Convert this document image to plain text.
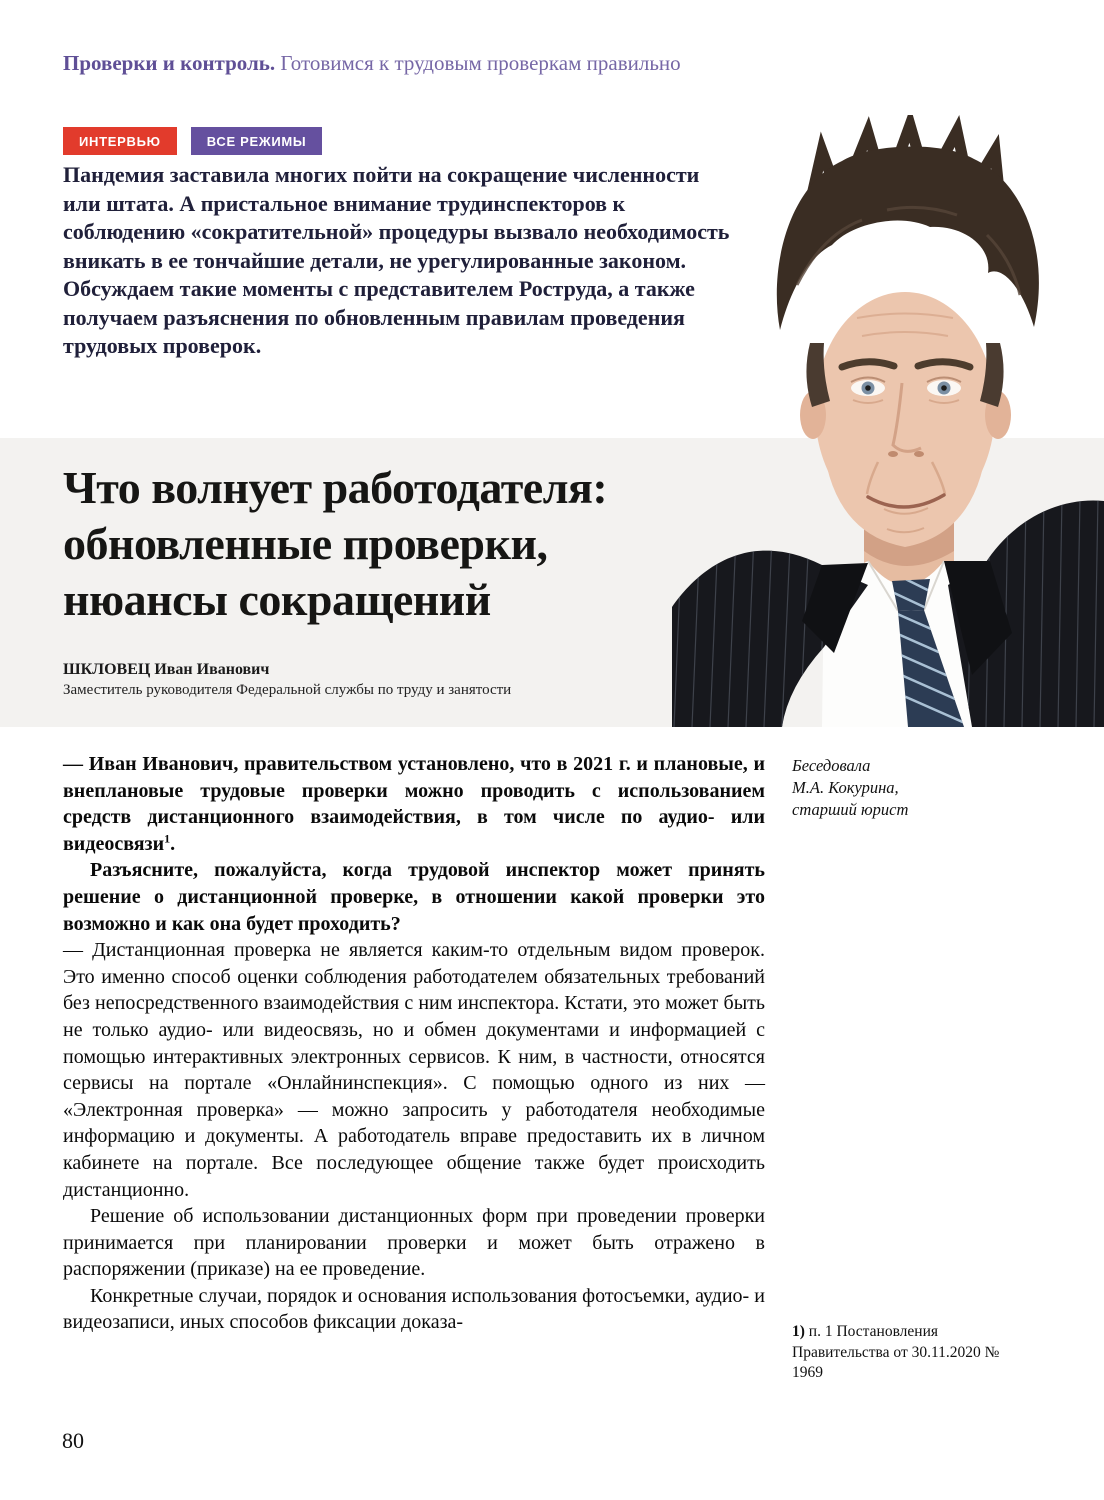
Проверки и контроль. Готовимся к трудовым проверкам правильно
ИНТЕРВЬЮ	ВСЕ РЕЖИМЫ
Пандемия заставила многих пойти на сокращение численности или штата. А пристальное внимание трудинспекторов к соблюдению «сократительной» процедуры вызвало необходимость вникать в ее тончайшие детали, не урегулированные законом. Обсуждаем такие моменты с представителем Роструда, а также получаем разъяснения по обновленным правилам проведения трудовых проверок.
Что волнует работодателя:
обновленные проверки,
нюансы сокращений
ШКЛОВЕЦ Иван Иванович
Заместитель руководителя Федеральной службы по труду и занятости

— Иван Иванович, правительством установлено, что в 2021 г. и плановые, и внеплановые трудовые проверки можно проводить с использованием средств дистанционного взаимодействия, в том числе по аудио- или видеосвязи$^1$.

Разъясните, пожалуйста, когда трудовой инспектор может принять решение о дистанционной проверке, в отношении какой проверки это возможно и как она будет проходить?

— Дистанционная проверка не является каким-то отдельным видом проверок. Это именно способ оценки соблюдения работодателем обязательных требований без непосредственного взаимодействия с ним инспектора. Кстати, это может быть не только аудио- или видеосвязь, но и обмен документами и информацией с помощью интерактивных электронных сервисов. К ним, в частности, относятся сервисы на портале «Онлайнинспекция». С помощью одного из них — «Электронная проверка» — можно запросить у работодателя необходимые информацию и документы. А работодатель вправе предоставить их в личном кабинете на портале. Все последующее общение также будет происходить дистанционно.

Решение об использовании дистанционных форм при проведении проверки принимается при планировании проверки и может быть отражено в распоряжении (приказе) на ее проведение.

Конкретные случаи, порядок и основания использования фотосъемки, аудио- и видеозаписи, иных способов фиксации доказа-

Беседовала
М.А. Кокурина,
старший юрист
1) п. 1 Постановления Правительства от 30.11.2020 № 1969
80
